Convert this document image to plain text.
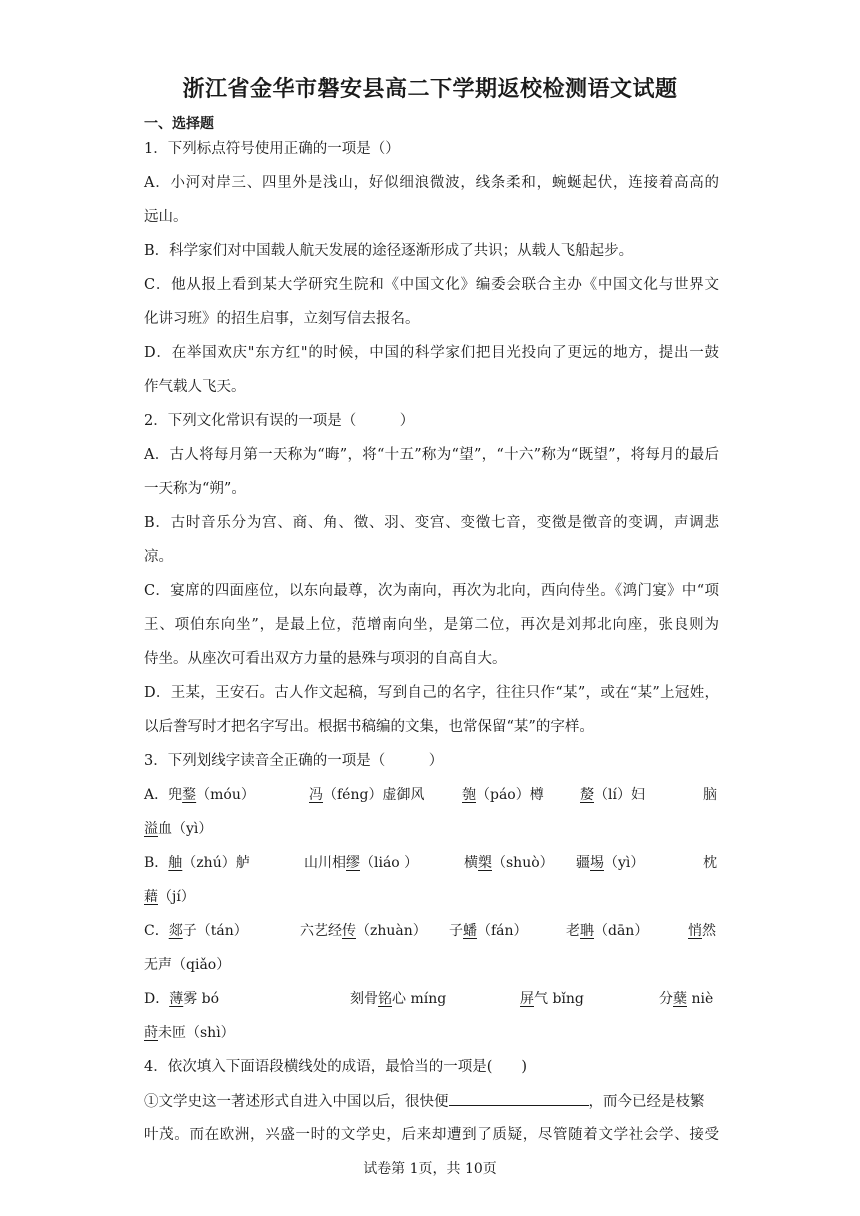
浙江省金华市磐安县高二下学期返校检测语文试题
一、选择题
1．下列标点符号使用正确的一项是（）
A．小河对岸三、四里外是浅山，好似细浪微波，线条柔和，蜿蜒起伏，连接着高高的
远山。
B．科学家们对中国载人航天发展的途径逐渐形成了共识；从载人飞船起步。
C．他从报上看到某大学研究生院和《中国文化》编委会联合主办《中国文化与世界文
化讲习班》的招生启事，立刻写信去报名。
D．在举国欢庆"东方红"的时候，中国的科学家们把目光投向了更远的地方，提出一鼓
作气载人飞天。
2．下列文化常识有误的一项是（　　　）
A．古人将每月第一天称为“晦”，将“十五”称为“望”，“十六”称为“既望”，将每月的最后
一天称为“朔”。
B．古时音乐分为宫、商、角、徵、羽、变宫、变徵七音，变徵是徵音的变调，声调悲
凉。
C．宴席的四面座位，以东向最尊，次为南向，再次为北向，西向侍坐。《鸿门宴》中“项
王、项伯东向坐”，是最上位，范增南向坐，是第二位，再次是刘邦北向座，张良则为
侍坐。从座次可看出双方力量的悬殊与项羽的自高自大。
D．王某，王安石。古人作文起稿，写到自己的名字，往往只作“某”，或在“某”上冠姓，
以后誊写时才把名字写出。根据书稿编的文集，也常保留“某”的字样。
3．下列划线字读音全正确的一项是（　　　）
A．兜鍪（móu）	冯（féng）虚御风	匏（páo）樽	嫠（lí）妇	脑
溢血（yì）
B．舳（zhú）舻	山川相缪（liáo ）	横槊（shuò） 疆埸（yì）	枕
藉（jí）
C．郯子（tán）	六艺经传（zhuàn） 子蟠（fán）	老聃（dān）	悄然
无声（qiǎo）
D．薄雾 bó	刻骨铭心 míng	屏气 bǐng	分蘖 niè
莳未匝（shì）
4．依次填入下面语段横线处的成语，最恰当的一项是(　　)
①文学史这一著述形式自进入中国以后，很快便	，而今已经是枝繁
叶茂。而在欧洲，兴盛一时的文学史，后来却遭到了质疑，尽管随着文学社会学、接受
试卷第 1页，共 10页
